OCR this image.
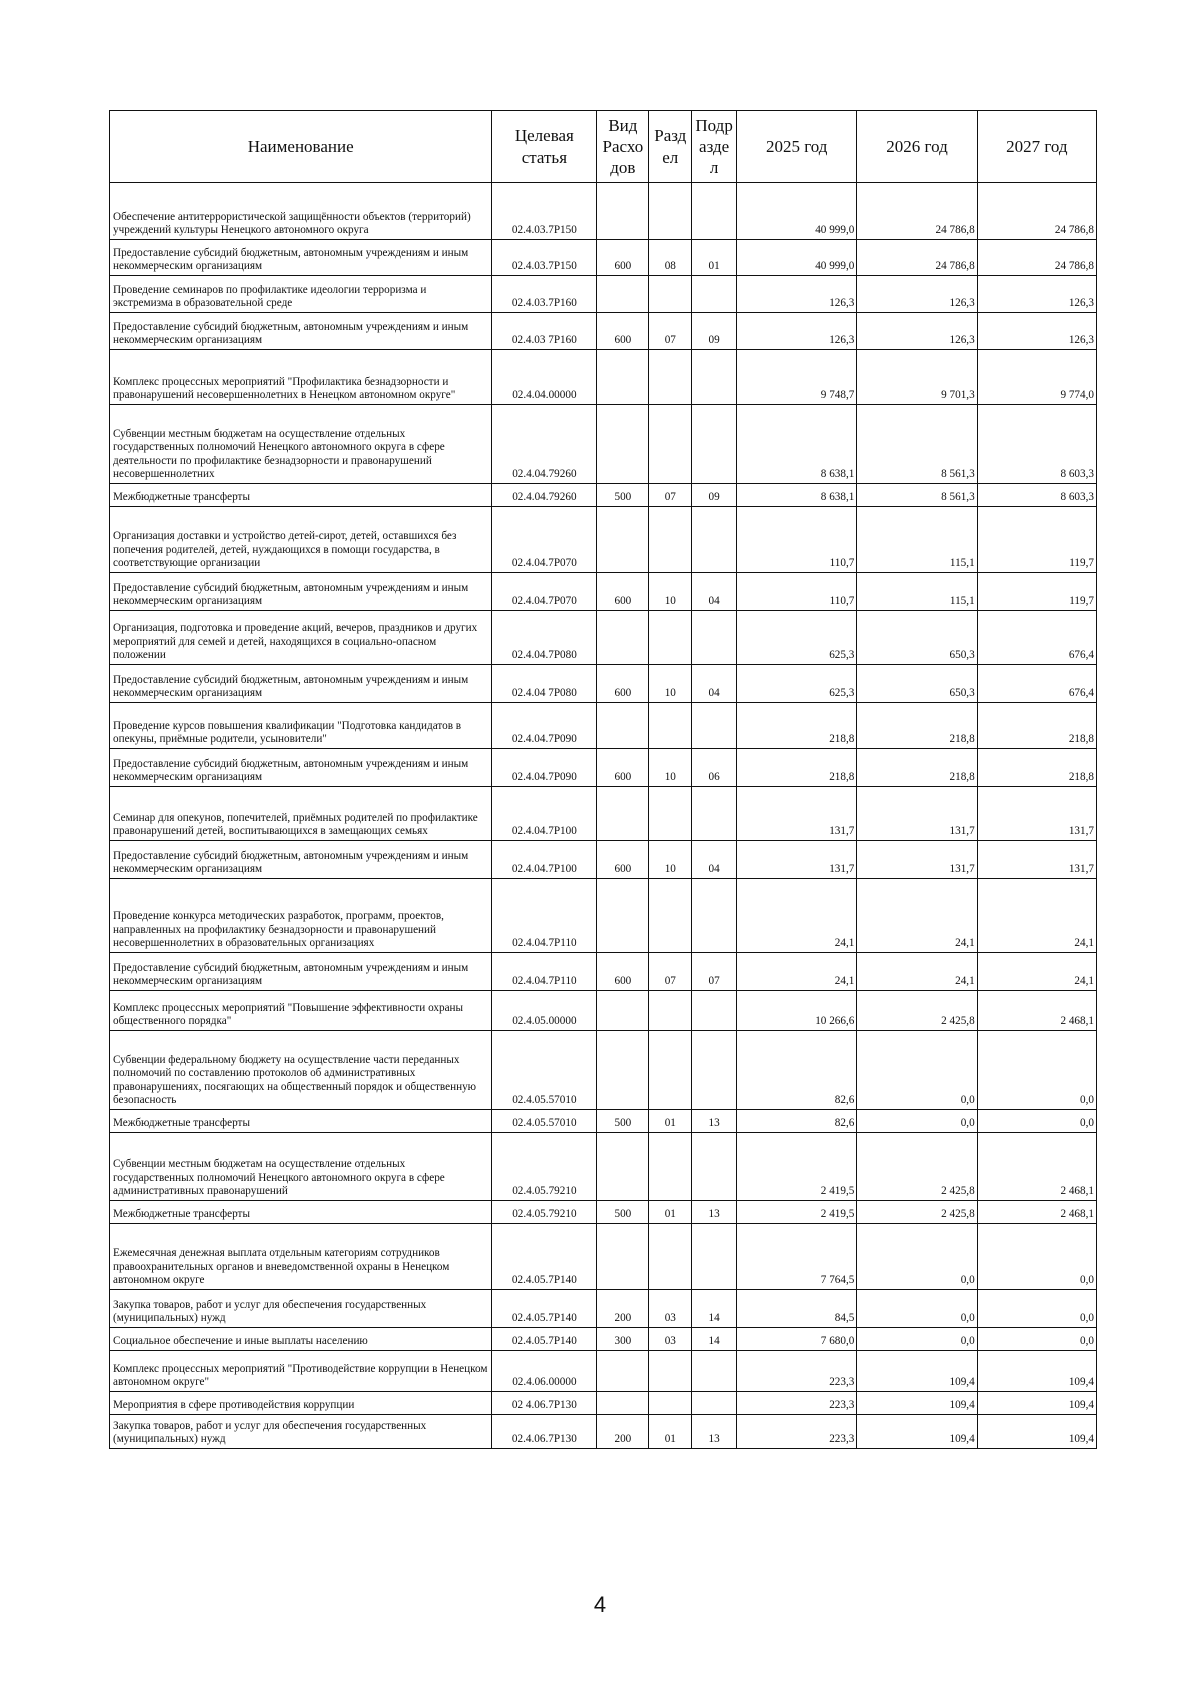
Наименование	Целевая статья	Вид Расхо дов	Разд ел	Подр азде л	2025 год	2026 год	2027 год
Обеспечение антитеррористической защищённости объектов (территорий) учреждений культуры Ненецкого автономного округа	02.4.03.7Р150				40 999,0	24 786,8	24 786,8
Предоставление субсидий бюджетным, автономным учреждениям и иным некоммерческим организациям	02.4.03.7Р150	600	08	01	40 999,0	24 786,8	24 786,8
Проведение семинаров по профилактике идеологии терроризма и экстремизма в образовательной среде	02.4.03.7Р160				126,3	126,3	126,3
Предоставление субсидий бюджетным, автономным учреждениям и иным некоммерческим организациям	02.4.03 7Р160	600	07	09	126,3	126,3	126,3
Комплекс процессных мероприятий "Профилактика безнадзорности и правонарушений несовершеннолетних в Ненецком автономном округе"	02.4.04.00000				9 748,7	9 701,3	9 774,0
Субвенции местным бюджетам на осуществление отдельных государственных полномочий Ненецкого автономного округа в сфере деятельности по профилактике безнадзорности и правонарушений несовершеннолетних	02.4.04.79260				8 638,1	8 561,3	8 603,3
Межбюджетные трансферты	02.4.04.79260	500	07	09	8 638,1	8 561,3	8 603,3
Организация доставки и устройство детей-сирот, детей, оставшихся без попечения родителей, детей, нуждающихся в помощи государства, в соответствующие организации	02.4.04.7Р070				110,7	115,1	119,7
Предоставление субсидий бюджетным, автономным учреждениям и иным некоммерческим организациям	02.4.04.7Р070	600	10	04	110,7	115,1	119,7
Организация, подготовка и проведение акций, вечеров, праздников и других мероприятий для семей и детей, находящихся в социально-опасном положении	02.4.04.7Р080				625,3	650,3	676,4
Предоставление субсидий бюджетным, автономным учреждениям и иным некоммерческим организациям	02.4.04 7Р080	600	10	04	625,3	650,3	676,4
Проведение курсов повышения квалификации "Подготовка кандидатов в опекуны, приёмные родители, усыновители"	02.4.04.7Р090				218,8	218,8	218,8
Предоставление субсидий бюджетным, автономным учреждениям и иным некоммерческим организациям	02.4.04.7Р090	600	10	06	218,8	218,8	218,8
Семинар для опекунов, попечителей, приёмных родителей по профилактике правонарушений детей, воспитывающихся в замещающих семьях	02.4.04.7Р100				131,7	131,7	131,7
Предоставление субсидий бюджетным, автономным учреждениям и иным некоммерческим организациям	02.4.04.7Р100	600	10	04	131,7	131,7	131,7
Проведение конкурса методических разработок, программ, проектов, направленных на профилактику безнадзорности и правонарушений несовершеннолетних в образовательных организациях	02.4.04.7Р110				24,1	24,1	24,1
Предоставление субсидий бюджетным, автономным учреждениям и иным некоммерческим организациям	02.4.04.7Р110	600	07	07	24,1	24,1	24,1
Комплекс процессных мероприятий "Повышение эффективности охраны общественного порядка"	02.4.05.00000				10 266,6	2 425,8	2 468,1
Субвенции федеральному бюджету на осуществление части переданных полномочий по составлению протоколов об административных правонарушениях, посягающих на общественный порядок и общественную безопасность	02.4.05.57010				82,6	0,0	0,0
Межбюджетные трансферты	02.4.05.57010	500	01	13	82,6	0,0	0,0
Субвенции местным бюджетам на осуществление отдельных государственных полномочий Ненецкого автономного округа в сфере административных правонарушений	02.4.05.79210				2 419,5	2 425,8	2 468,1
Межбюджетные трансферты	02.4.05.79210	500	01	13	2 419,5	2 425,8	2 468,1
Ежемесячная денежная выплата отдельным категориям сотрудников правоохранительных органов и вневедомственной охраны в Ненецком автономном округе	02.4.05.7Р140				7 764,5	0,0	0,0
Закупка товаров, работ и услуг для обеспечения государственных (муниципальных) нужд	02.4.05.7Р140	200	03	14	84,5	0,0	0,0
Социальное обеспечение и иные выплаты населению	02.4.05.7Р140	300	03	14	7 680,0	0,0	0,0
Комплекс процессных мероприятий "Противодействие коррупции в Ненецком автономном округе"	02.4.06.00000				223,3	109,4	109,4
Мероприятия в сфере противодействия коррупции	02 4.06.7Р130				223,3	109,4	109,4
Закупка товаров, работ и услуг для обеспечения государственных (муниципальных) нужд	02.4.06.7Р130	200	01	13	223,3	109,4	109,4
4
